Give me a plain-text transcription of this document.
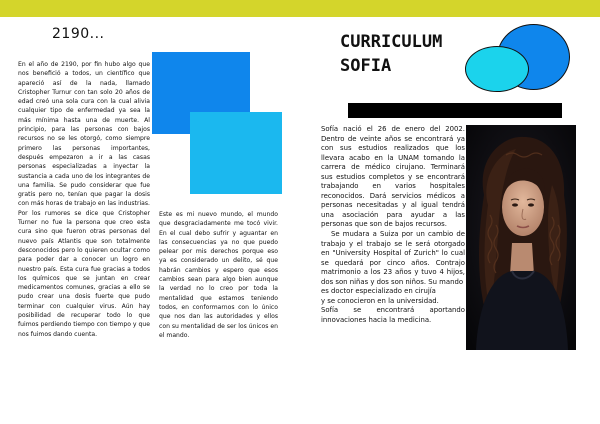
2190...

En el año de 2190, por fin hubo algo que nos benefició a todos, un científico que apareció así de la nada, llamado Cristopher Turnur con tan solo 20 años de edad creó una sola cura con la cual alivia cualquier tipo de enfermedad ya sea la más mínima hasta una de muerte. Al principio, para las personas con bajos recursos no se les otorgó, como siempre primero las personas importantes, después empezaron a ir a las casas personas especializadas a inyectar la sustancia a cada uno de los integrantes de una familia. Se pudo considerar que fue gratis pero no, tenían que pagar la dosis con más horas de trabajo en las industrias. Por los rumores se dice que Cristopher Turner no fue la persona que creo esta cura sino que fueron otras personas del nuevo país Atlantis que son totalmente desconocidos pero lo quieren ocultar como para poder dar a conocer un logro en nuestro país. Esta cura fue gracias a todos los químicos que se juntan en crear medicamentos comunes, gracias a ello se pudo crear una dosis fuerte que pudo terminar con cualquier virus. Aún hay posibilidad de recuperar todo lo que fuimos perdiendo tiempo con tiempo y que nos fuimos dando cuenta.

Este es mi nuevo mundo, el mundo que desgraciadamente me tocó vivir. En el cual debo sufrir y aguantar en las consecuencias ya no que puedo pelear por mis derechos porque eso ya es considerado un delito, sé que habrán cambios y espero que esos cambios sean para algo bien aunque la verdad no lo creo por toda la mentalidad que estamos teniendo todos, en conformarnos con lo único que nos dan las autoridades y ellos con su mentalidad de ser los únicos en el mando.

CURRICULUM
SOFIA

Sofía nació el 26 de enero del 2002. Dentro de veinte años se encontrará ya con sus estudios realizados que los llevara acabo en la UNAM tomando la carrera de médico cirujano. Terminará sus estudios completos y se encontrará trabajando en varios hospitales reconocidos. Dará servicios médicos a personas necesitadas y al igual tendrá una asociación para ayudar a las personas que son de bajos recursos.

Se mudara a Suiza por un cambio de trabajo y el trabajo se le será otorgado en "University Hospital of Zurich" lo cual se quedará por cinco años. Contrajo matrimonio a los 23 años y tuvo 4 hijos, dos son niñas y dos son niños. Su mando

es doctor especializado en cirujía

y se conocieron en la universidad.

Sofía se encontrará aportando innovaciones hacia la medicina.
